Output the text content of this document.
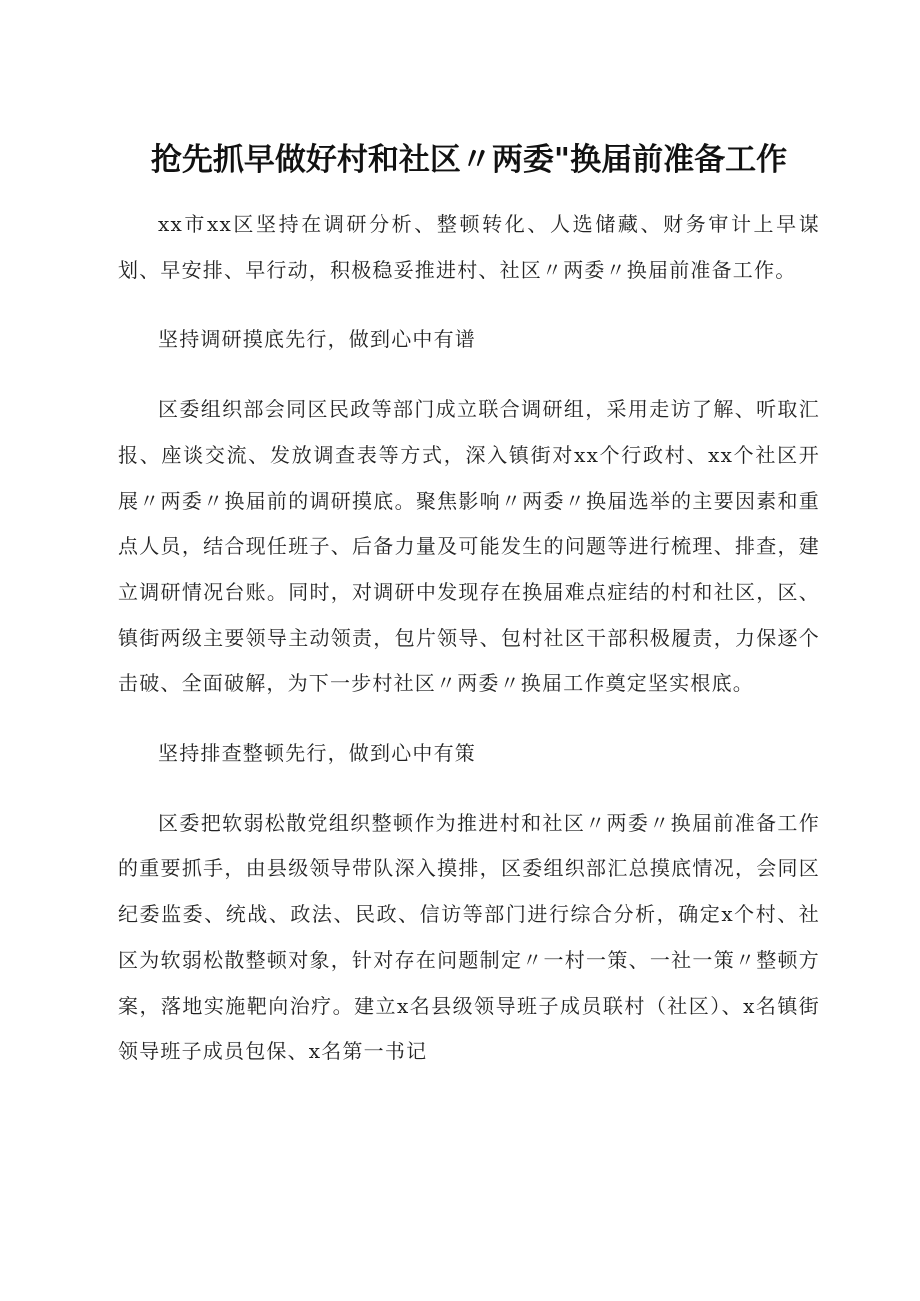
抢先抓早做好村和社区〃两委"换届前准备工作

xx市xx区坚持在调研分析、整顿转化、人选储藏、财务审计上早谋划、早安排、早行动，积极稳妥推进村、社区〃两委〃换届前准备工作。

坚持调研摸底先行，做到心中有谱

区委组织部会同区民政等部门成立联合调研组，采用走访了解、听取汇报、座谈交流、发放调查表等方式，深入镇街对xx个行政村、xx个社区开展〃两委〃换届前的调研摸底。聚焦影响〃两委〃换届选举的主要因素和重点人员，结合现任班子、后备力量及可能发生的问题等进行梳理、排查，建立调研情况台账。同时，对调研中发现存在换届难点症结的村和社区，区、镇街两级主要领导主动领责，包片领导、包村社区干部积极履责，力保逐个击破、全面破解，为下一步村社区〃两委〃换届工作奠定坚实根底。

坚持排查整顿先行，做到心中有策

区委把软弱松散党组织整顿作为推进村和社区〃两委〃换届前准备工作的重要抓手，由县级领导带队深入摸排，区委组织部汇总摸底情况，会同区纪委监委、统战、政法、民政、信访等部门进行综合分析，确定x个村、社区为软弱松散整顿对象，针对存在问题制定〃一村一策、一社一策〃整顿方案，落地实施靶向治疗。建立x名县级领导班子成员联村（社区）、x名镇街领导班子成员包保、x名第一书记
